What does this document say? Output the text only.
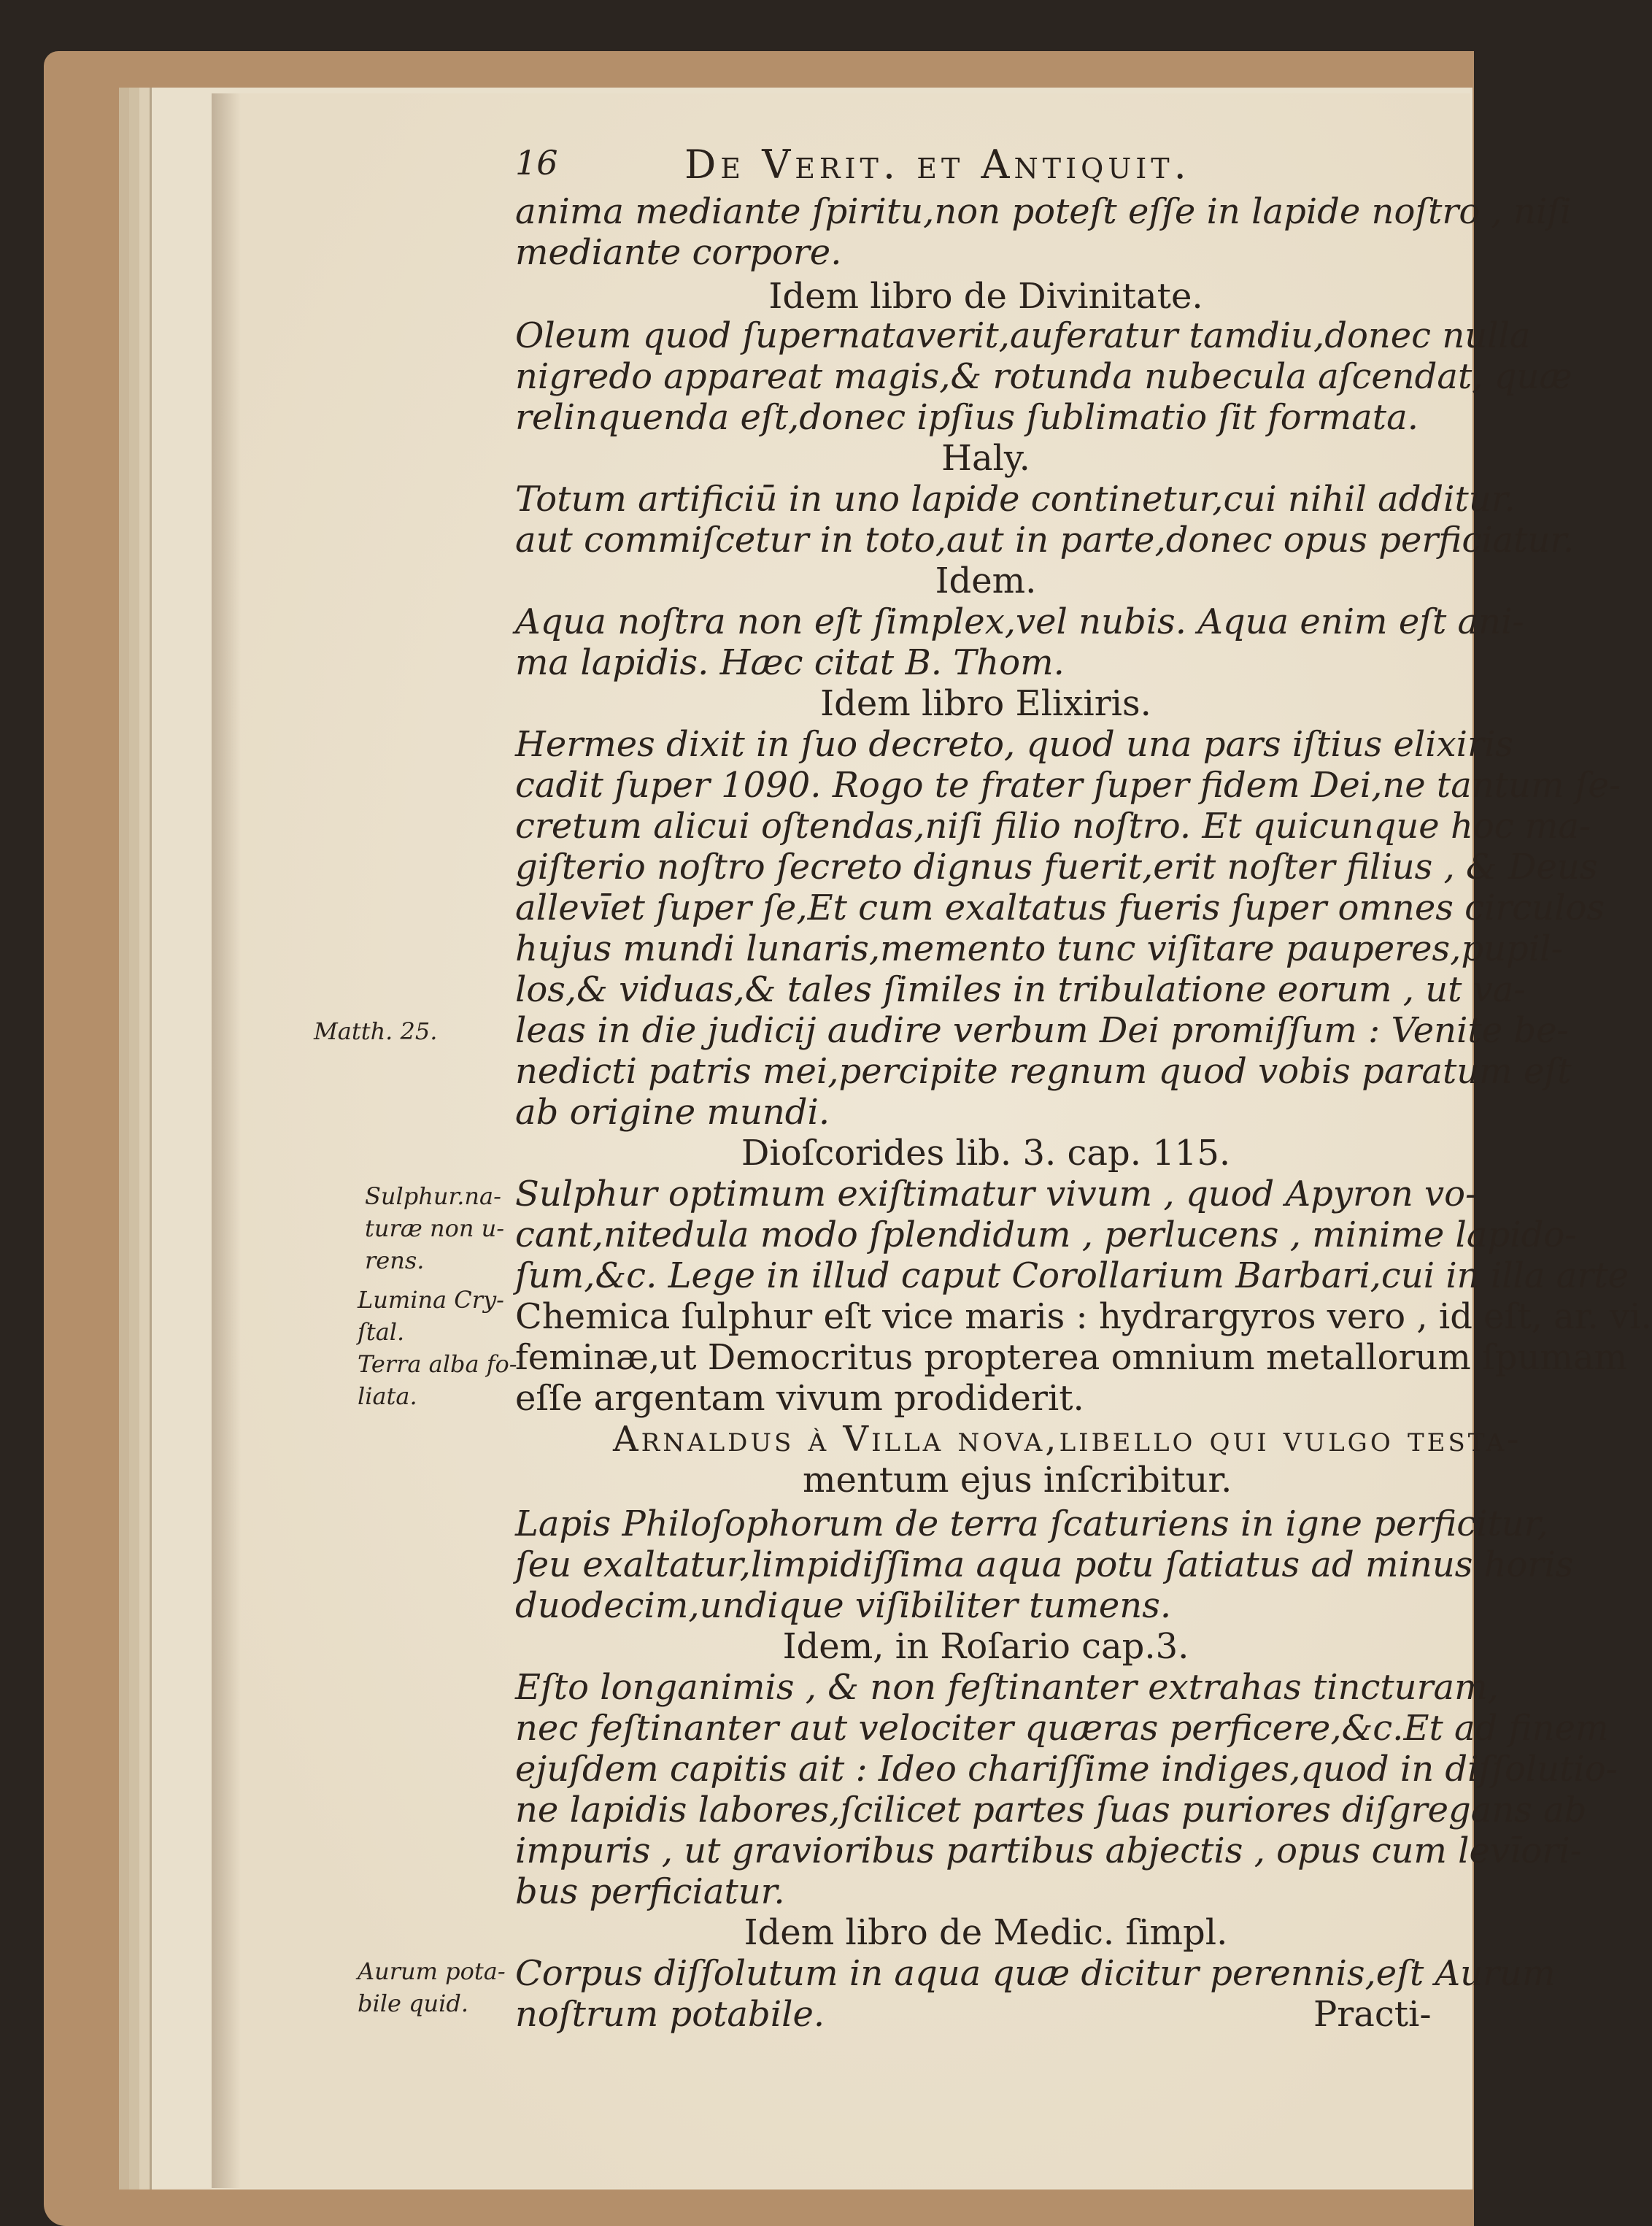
16	De Verit. et Antiquit.
anima mediante ſpiritu,non poteſt eſſe in lapide noſtro , niſi
mediante corpore.
Idem libro de Divinitate.
Oleum quod ſupernataverit,auferatur tamdiu,donec nulla
nigredo appareat magis,& rotunda nubecula aſcendat, quæ
relinquenda eſt,donec ipſius ſublimatio ſit formata.
Haly.
Totum artificiū in uno lapide continetur,cui nihil additur.
aut commiſcetur in toto,aut in parte,donec opus perficiatur.
Idem.
Aqua noſtra non eſt ſimplex,vel nubis. Aqua enim eſt ani-
ma lapidis. Hæc citat B. Thom.
Idem libro Elixiris.
Hermes dixit in ſuo decreto, quod una pars iſtius elixiris
cadit ſuper 1090. Rogo te frater ſuper fidem Dei,ne tantum ſe-
cretum alicui oſtendas,niſi filio noſtro. Et quicunque hoc ma-
giſterio noſtro ſecreto dignus fuerit,erit noſter filius , & Deus
allevīet ſuper ſe,Et cum exaltatus fueris ſuper omnes circulos
hujus mundi lunaris,memento tunc viſitare pauperes,pupil-
los,& viduas,& tales ſimiles in tribulatione eorum , ut va-
leas in die judicij audire verbum Dei promiſſum : Venite be-
nedicti patris mei,percipite regnum quod vobis paratum eſt
ab origine mundi.
Dioſcorides lib. 3. cap. 115.
Sulphur optimum exiſtimatur vivum , quod Apyron vo-
cant,nitedula modo ſplendidum , perlucens , minime lapido-
ſum,&c. Lege in illud caput Corollarium Barbari,cui in illa arte
Chemica ſulphur eſt vice maris : hydrargyros vero , id eſt, ar. vi.
feminæ,ut Democritus propterea omnium metallorum ſpumam
eſſe argentam vivum prodiderit.
Arnaldus à Villa nova,libello qui vulgo teſta-
mentum ejus inſcribitur.
Lapis Philoſophorum de terra ſcaturiens in igne perficitur,
ſeu exaltatur,limpidiſſima aqua potu ſatiatus ad minus horis
duodecim,undique viſibiliter tumens.
Idem, in Roſario cap.3.
Eſto longanimis , & non feſtinanter extrahas tincturam,
nec feſtinanter aut velociter quæras perficere,&c.Et ad finem
ejuſdem capitis ait : Ideo chariſſime indiges,quod in diſſolutio-
ne lapidis labores,ſcilicet partes ſuas puriores diſgregans ab
impuris , ut gravioribus partibus abjectis , opus cum levīori-
bus perficiatur.
Idem libro de Medic. ſimpl.
Corpus diſſolutum in aqua quæ dicitur perennis,eſt Aurum
noſtrum potabile.	Practi-
Matth. 25.
Sulphur.na-
turæ non u-
rens.
Lumina Cry-
ſtal.
Terra alba fo-
liata.
Aurum pota-
bile quid.
